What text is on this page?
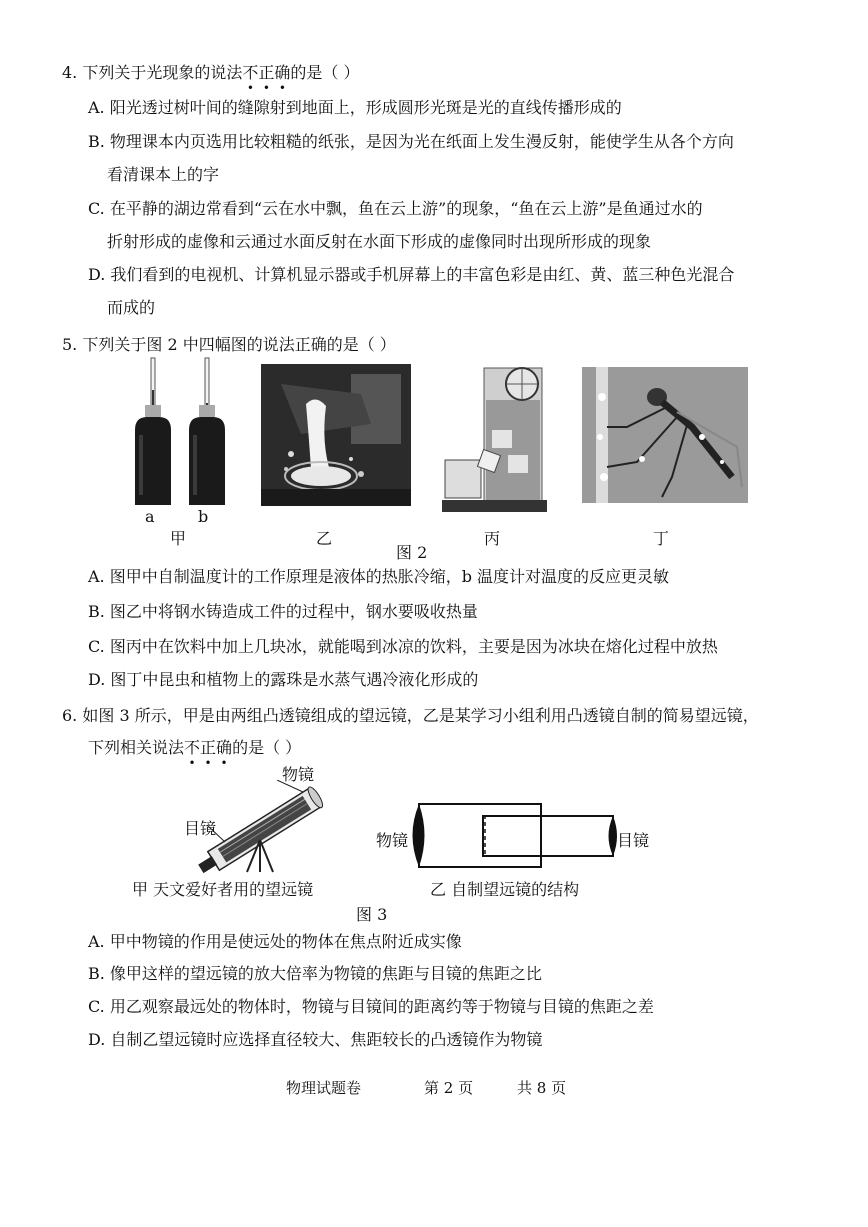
4. 下列关于光现象的说法不正确的是（ ）
A. 阳光透过树叶间的缝隙射到地面上，形成圆形光斑是光的直线传播形成的
B. 物理课本内页选用比较粗糙的纸张，是因为光在纸面上发生漫反射，能使学生从各个方向
看清课本上的字
C. 在平静的湖边常看到“云在水中飘，鱼在云上游”的现象，“鱼在云上游”是鱼通过水的
折射形成的虚像和云通过水面反射在水面下形成的虚像同时出现所形成的现象
D. 我们看到的电视机、计算机显示器或手机屏幕上的丰富色彩是由红、黄、蓝三种色光混合
而成的
5. 下列关于图 2 中四幅图的说法正确的是（ ）
a	b
甲	乙	丙	丁
图 2
A. 图甲中自制温度计的工作原理是液体的热胀冷缩，b 温度计对温度的反应更灵敏
B. 图乙中将钢水铸造成工件的过程中，钢水要吸收热量
C. 图丙中在饮料中加上几块冰，就能喝到冰凉的饮料，主要是因为冰块在熔化过程中放热
D. 图丁中昆虫和植物上的露珠是水蒸气遇冷液化形成的
6. 如图 3 所示，甲是由两组凸透镜组成的望远镜，乙是某学习小组利用凸透镜自制的简易望远镜，
下列相关说法不正确的是（ ）
物镜
目镜
甲 天文爱好者用的望远镜
物镜	目镜
乙 自制望远镜的结构
图 3
A. 甲中物镜的作用是使远处的物体在焦点附近成实像
B. 像甲这样的望远镜的放大倍率为物镜的焦距与目镜的焦距之比
C. 用乙观察最远处的物体时，物镜与目镜间的距离约等于物镜与目镜的焦距之差
D. 自制乙望远镜时应选择直径较大、焦距较长的凸透镜作为物镜
物理试题卷	第 2 页	共 8 页
